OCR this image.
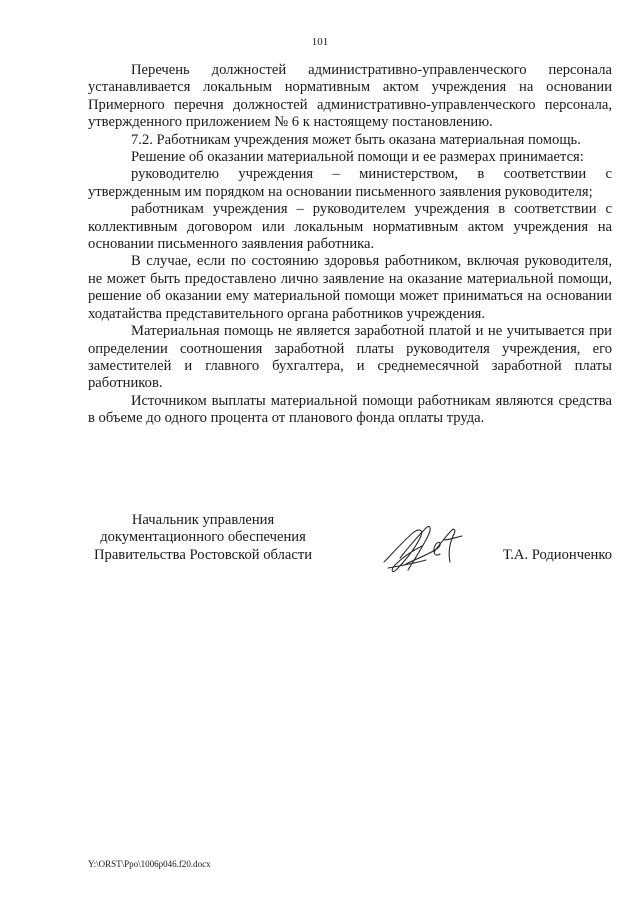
101

Перечень должностей административно-управленческого персонала устанавливается локальным нормативным актом учреждения на основании Примерного перечня должностей административно-управленческого персонала, утвержденного приложением № 6 к настоящему постановлению.

7.2. Работникам учреждения может быть оказана материальная помощь.

Решение об оказании материальной помощи и ее размерах принимается:

руководителю учреждения – министерством, в соответствии с утвержденным им порядком на основании письменного заявления руководителя;

работникам учреждения – руководителем учреждения в соответствии с коллективным договором или локальным нормативным актом учреждения на основании письменного заявления работника.

В случае, если по состоянию здоровья работником, включая руководителя, не может быть предоставлено лично заявление на оказание материальной помощи, решение об оказании ему материальной помощи может приниматься на основании ходатайства представительного органа работников учреждения.

Материальная помощь не является заработной платой и не учитывается при определении соотношения заработной платы руководителя учреждения, его заместителей и главного бухгалтера, и среднемесячной заработной платы работников.

Источником выплаты материальной помощи работникам являются средства в объеме до одного процента от планового фонда оплаты труда.

Начальник управления
документационного обеспечения
Правительства Ростовской области	Т.А. Родионченко
Y:\ORST\Ppo\1006p046.f20.docx
